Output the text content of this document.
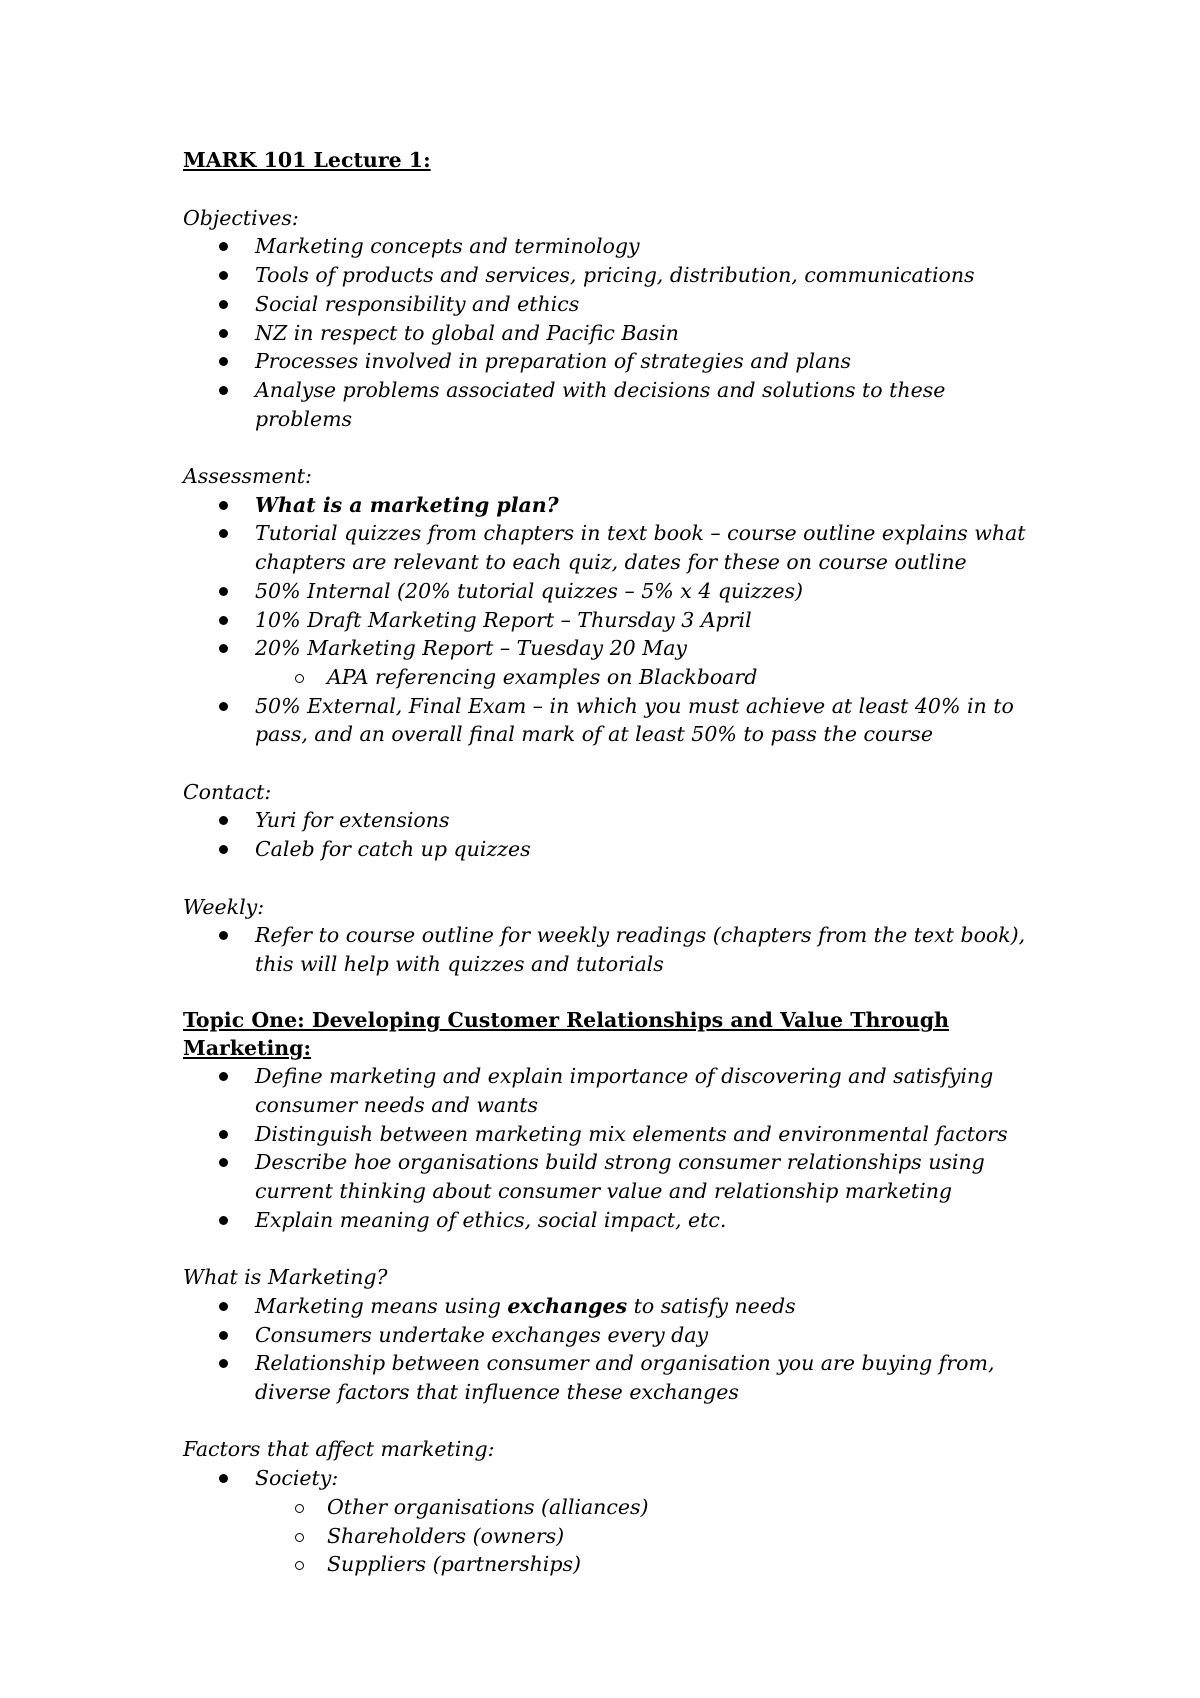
MARK 101 Lecture 1:
Objectives:
Marketing concepts and terminology
Tools of products and services, pricing, distribution, communications
Social responsibility and ethics
NZ in respect to global and Pacific Basin
Processes involved in preparation of strategies and plans
Analyse problems associated with decisions and solutions to these problems
Assessment:
What is a marketing plan?
Tutorial quizzes from chapters in text book – course outline explains what chapters are relevant to each quiz, dates for these on course outline
50% Internal (20% tutorial quizzes – 5% x 4 quizzes)
10% Draft Marketing Report – Thursday 3 April
20% Marketing Report – Tuesday 20 May
APA referencing examples on Blackboard
50% External, Final Exam – in which you must achieve at least 40% in to pass, and an overall final mark of at least 50% to pass the course
Contact:
Yuri for extensions
Caleb for catch up quizzes
Weekly:
Refer to course outline for weekly readings (chapters from the text book), this will help with quizzes and tutorials
Topic One: Developing Customer Relationships and Value Through Marketing:
Define marketing and explain importance of discovering and satisfying consumer needs and wants
Distinguish between marketing mix elements and environmental factors
Describe hoe organisations build strong consumer relationships using current thinking about consumer value and relationship marketing
Explain meaning of ethics, social impact, etc.
What is Marketing?
Marketing means using exchanges to satisfy needs
Consumers undertake exchanges every day
Relationship between consumer and organisation you are buying from, diverse factors that influence these exchanges
Factors that affect marketing:
Society:
Other organisations (alliances)
Shareholders (owners)
Suppliers (partnerships)
